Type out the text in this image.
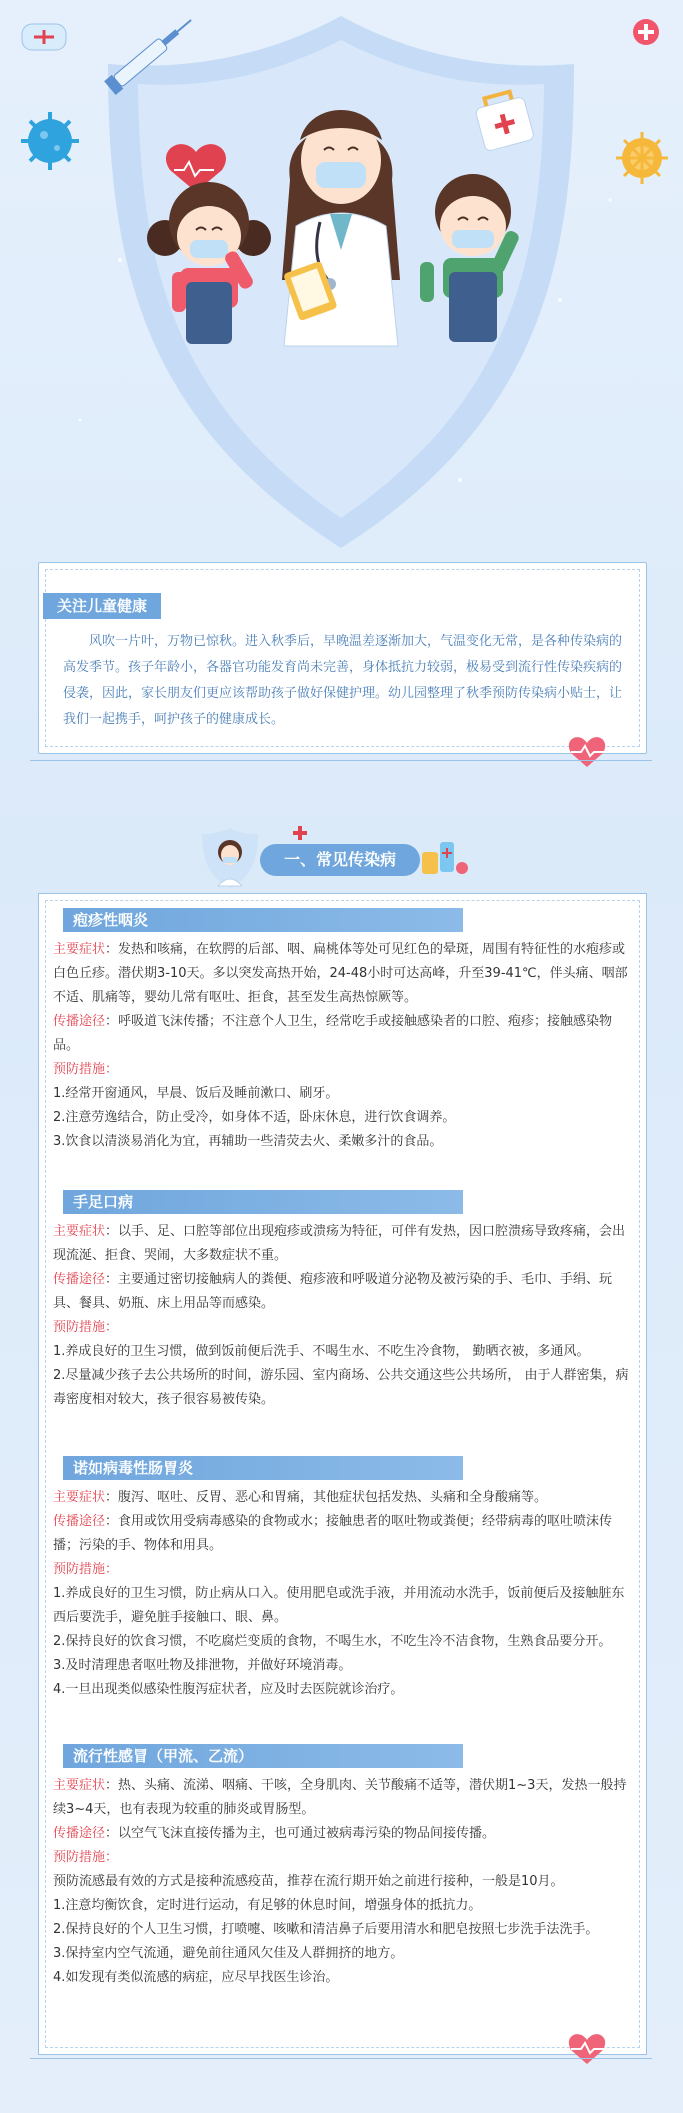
关注儿童健康

风吹一片叶，万物已惊秋。进入秋季后，早晚温差逐渐加大，气温变化无常，是各种传染病的高发季节。孩子年龄小，各器官功能发育尚未完善，身体抵抗力较弱，极易受到流行性传染疾病的侵袭，因此，家长朋友们更应该帮助孩子做好保健护理。幼儿园整理了秋季预防传染病小贴士，让我们一起携手，呵护孩子的健康成长。

一、常见传染病
疱疹性咽炎

主要症状：发热和咳痛，在软腭的后部、咽、扁桃体等处可见红色的晕斑，周围有特征性的水疱疹或白色丘疹。潜伏期3-10天。多以突发高热开始，24-48小时可达高峰，升至39-41℃，伴头痛、咽部不适、肌痛等，婴幼儿常有呕吐、拒食，甚至发生高热惊厥等。

传播途径：呼吸道飞沫传播；不注意个人卫生，经常吃手或接触感染者的口腔、疱疹；接触感染物品。

预防措施：

1.经常开窗通风，早晨、饭后及睡前漱口、刷牙。

2.注意劳逸结合，防止受冷，如身体不适，卧床休息，进行饮食调养。

3.饮食以清淡易消化为宜，再辅助一些清荧去火、柔嫩多汁的食品。

手足口病

主要症状：以手、足、口腔等部位出现疱疹或溃疡为特征，可伴有发热，因口腔溃疡导致疼痛，会出现流涎、拒食、哭闹，大多数症状不重。

传播途径：主要通过密切接触病人的粪便、疱疹液和呼吸道分泌物及被污染的手、毛巾、手绢、玩具、餐具、奶瓶、床上用品等而感染。

预防措施：

1.养成良好的卫生习惯，做到饭前便后洗手、不喝生水、不吃生冷食物， 勤晒衣被，多通风。

2.尽量减少孩子去公共场所的时间，游乐园、室内商场、公共交通这些公共场所， 由于人群密集，病毒密度相对较大，孩子很容易被传染。

诺如病毒性肠胃炎

主要症状：腹泻、呕吐、反胃、恶心和胃痛，其他症状包括发热、头痛和全身酸痛等。

传播途径：食用或饮用受病毒感染的食物或水；接触患者的呕吐物或粪便；经带病毒的呕吐喷沫传播；污染的手、物体和用具。

预防措施：

1.养成良好的卫生习惯，防止病从口入。使用肥皂或洗手液，并用流动水洗手，饭前便后及接触脏东西后要洗手，避免脏手接触口、眼、鼻。

2.保持良好的饮食习惯，不吃腐烂变质的食物，不喝生水，不吃生冷不洁食物，生熟食品要分开。

3.及时清理患者呕吐物及排泄物，并做好环境消毒。

4.一旦出现类似感染性腹泻症状者，应及时去医院就诊治疗。

流行性感冒（甲流、乙流）

主要症状：热、头痛、流涕、咽痛、干咳，全身肌肉、关节酸痛不适等，潜伏期1~3天，发热一般持续3~4天，也有表现为较重的肺炎或胃肠型。

传播途径：以空气飞沫直接传播为主，也可通过被病毒污染的物品间接传播。

预防措施：

预防流感最有效的方式是接种流感疫苗，推荐在流行期开始之前进行接种，一般是10月。

1.注意均衡饮食，定时进行运动，有足够的休息时间，增强身体的抵抗力。

2.保持良好的个人卫生习惯，打喷嚏、咳嗽和清洁鼻子后要用清水和肥皂按照七步洗手法洗手。

3.保持室内空气流通，避免前往通风欠佳及人群拥挤的地方。

4.如发现有类似流感的病症，应尽早找医生诊治。
